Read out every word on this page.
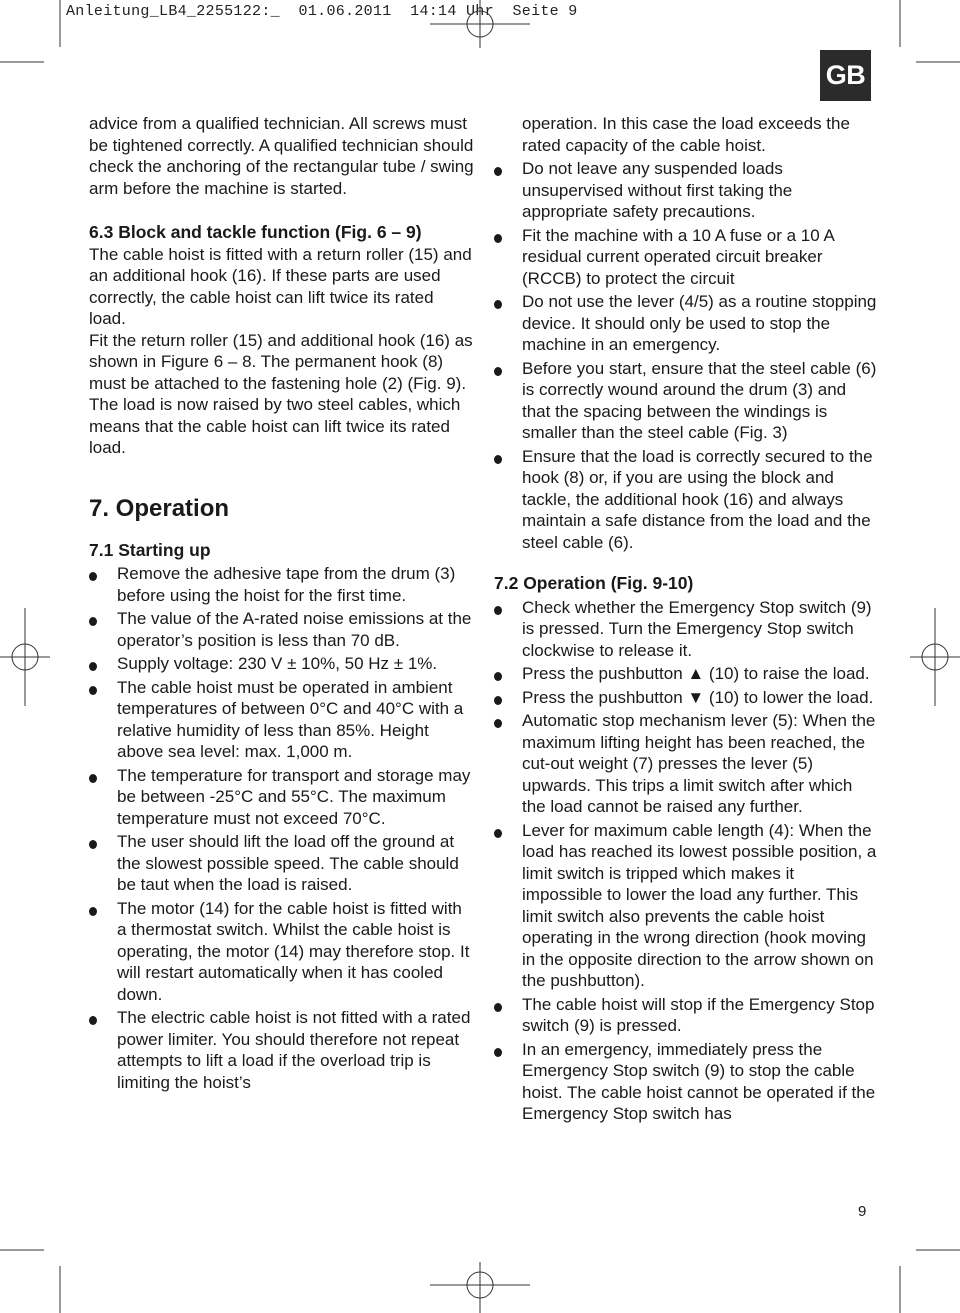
Anleitung_LB4_2255122:_  01.06.2011  14:14 Uhr  Seite 9
GB

advice from a qualified technician. All screws must be tightened correctly. A qualified technician should check the anchoring of the rectangular tube / swing arm before the machine is started.

6.3 Block and tackle function (Fig. 6 – 9)

The cable hoist is fitted with a return roller (15) and an additional hook (16). If these parts are used correctly, the cable hoist can lift twice its rated load.

Fit the return roller (15) and additional hook (16) as shown in Figure 6 – 8. The permanent hook (8) must be attached to the fastening hole (2) (Fig. 9).

The load is now raised by two steel cables, which means that the cable hoist can lift twice its rated load.

7. Operation

7.1 Starting up

Remove the adhesive tape from the drum (3) before using the hoist for the first time.
The value of the A-rated noise emissions at the operator’s position is less than 70 dB.
Supply voltage: 230 V ± 10%, 50 Hz ± 1%.
The cable hoist must be operated in ambient temperatures of between 0°C and 40°C with a relative humidity of less than 85%. Height above sea level: max. 1,000 m.
The temperature for transport and storage may be between -25°C and 55°C. The maximum temperature must not exceed 70°C.
The user should lift the load off the ground at the slowest possible speed. The cable should be taut when the load is raised.
The motor (14) for the cable hoist is fitted with a thermostat switch. Whilst the cable hoist is operating, the motor (14) may therefore stop. It will restart automatically when it has cooled down.
The electric cable hoist is not fitted with a rated power limiter. You should therefore not repeat attempts to lift a load if the overload trip is limiting the hoist’s

operation. In this case the load exceeds the rated capacity of the cable hoist.

Do not leave any suspended loads unsupervised without first taking the appropriate safety precautions.
Fit the machine with a 10 A fuse or a 10 A residual current operated circuit breaker (RCCB) to protect the circuit
Do not use the lever (4/5) as a routine stopping device. It should only be used to stop the machine in an emergency.
Before you start, ensure that the steel cable (6) is correctly wound around the drum (3) and that the spacing between the windings is smaller than the steel cable (Fig. 3)
Ensure that the load is correctly secured to the hook (8) or, if you are using the block and tackle, the additional hook (16) and always maintain a safe distance from the load and the steel cable (6).

7.2 Operation (Fig. 9-10)

Check whether the Emergency Stop switch (9) is pressed. Turn the Emergency Stop switch clockwise to release it.
Press the pushbutton ▲ (10) to raise the load.
Press the pushbutton ▼ (10) to lower the load.
Automatic stop mechanism lever (5): When the maximum lifting height has been reached, the cut-out weight (7) presses the lever (5) upwards. This trips a limit switch after which the load cannot be raised any further.
Lever for maximum cable length (4): When the load has reached its lowest possible position, a limit switch is tripped which makes it impossible to lower the load any further. This limit switch also prevents the cable hoist operating in the wrong direction (hook moving in the opposite direction to the arrow shown on the pushbutton).
The cable hoist will stop if the Emergency Stop switch (9) is pressed.
In an emergency, immediately press the Emergency Stop switch (9) to stop the cable hoist. The cable hoist cannot be operated if the Emergency Stop switch has
9
